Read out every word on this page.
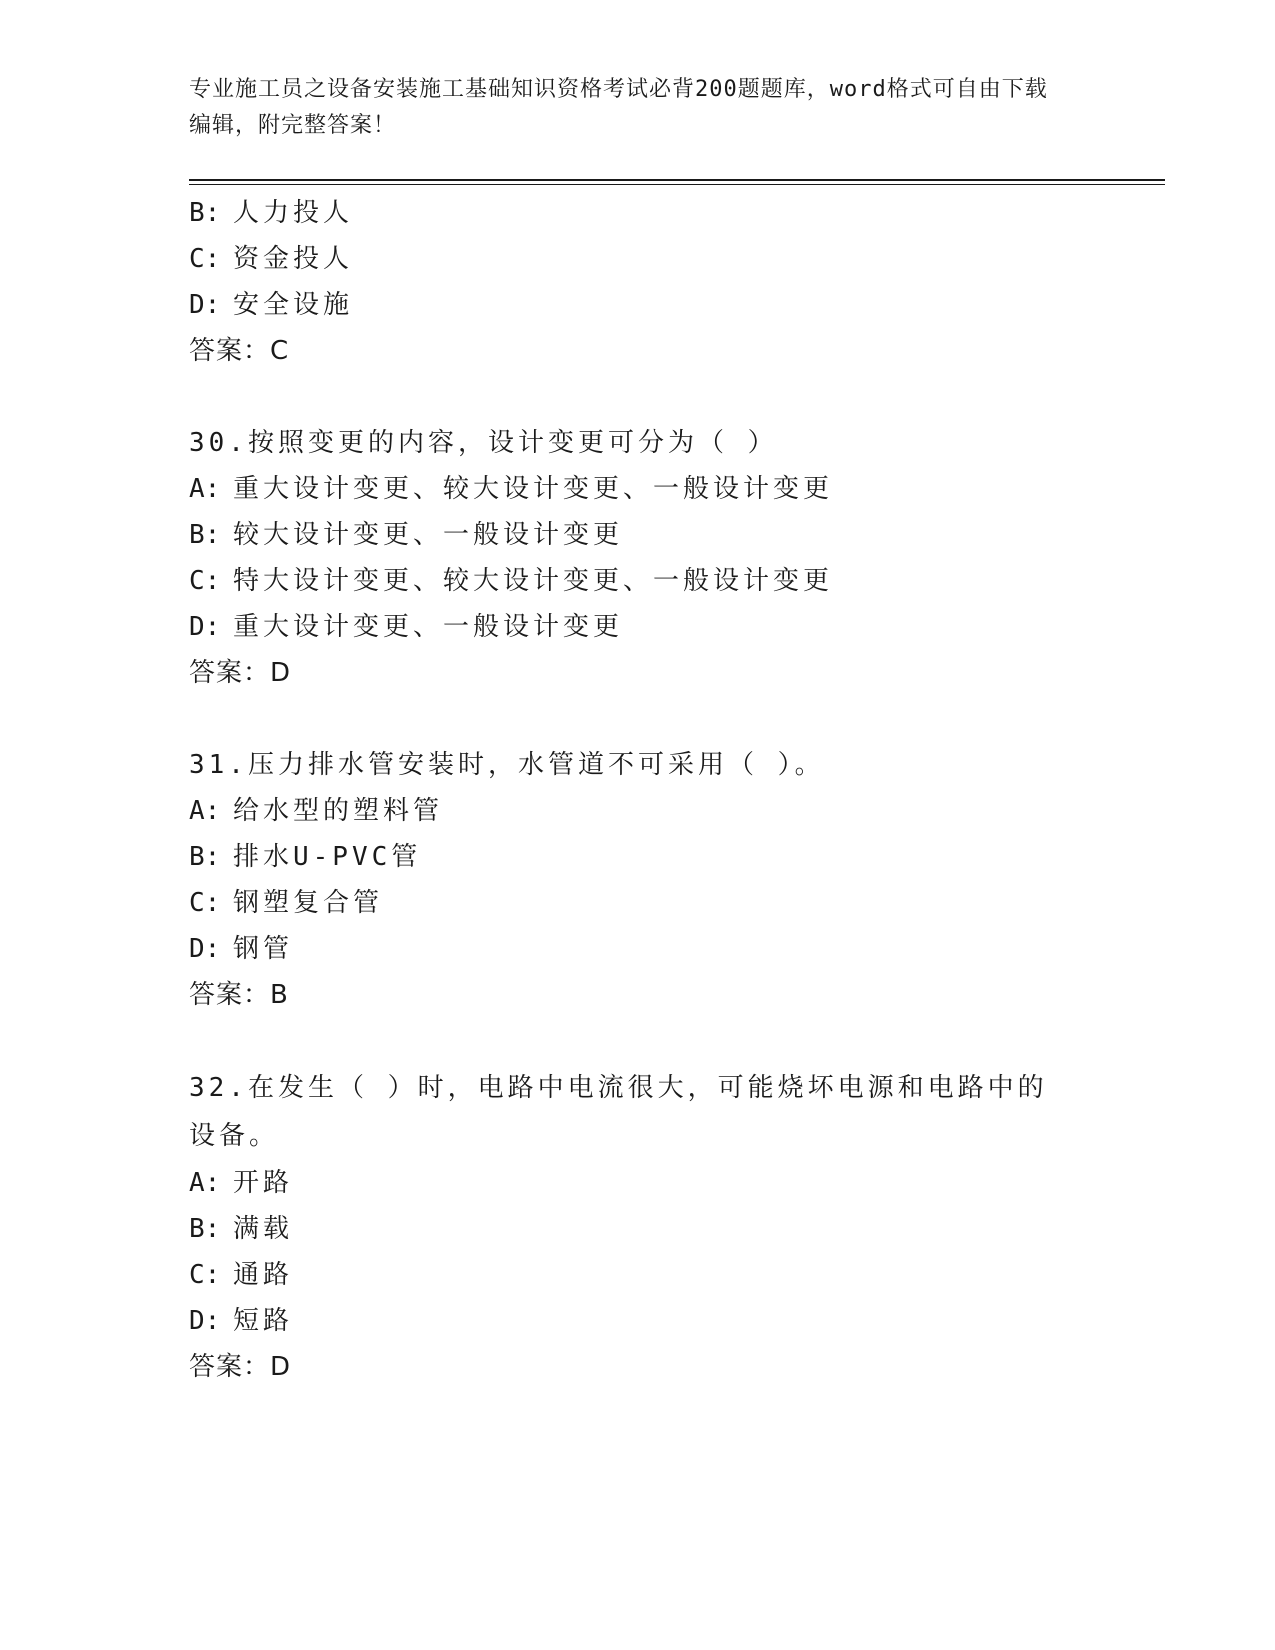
专业施工员之设备安装施工基础知识资格考试必背200题题库，word格式可自由下载编辑，附完整答案！
B: 人力投人
C: 资金投人
D: 安全设施
答案：C
30.按照变更的内容，设计变更可分为（ ）
A: 重大设计变更、较大设计变更、一般设计变更
B: 较大设计变更、一般设计变更
C: 特大设计变更、较大设计变更、一般设计变更
D: 重大设计变更、一般设计变更
答案：D
31.压力排水管安装时，水管道不可采用（ ）。
A: 给水型的塑料管
B: 排水U-PVC管
C: 钢塑复合管
D: 钢管
答案：B
32.在发生（ ）时，电路中电流很大，可能烧坏电源和电路中的设备。
A: 开路
B: 满载
C: 通路
D: 短路
答案：D
